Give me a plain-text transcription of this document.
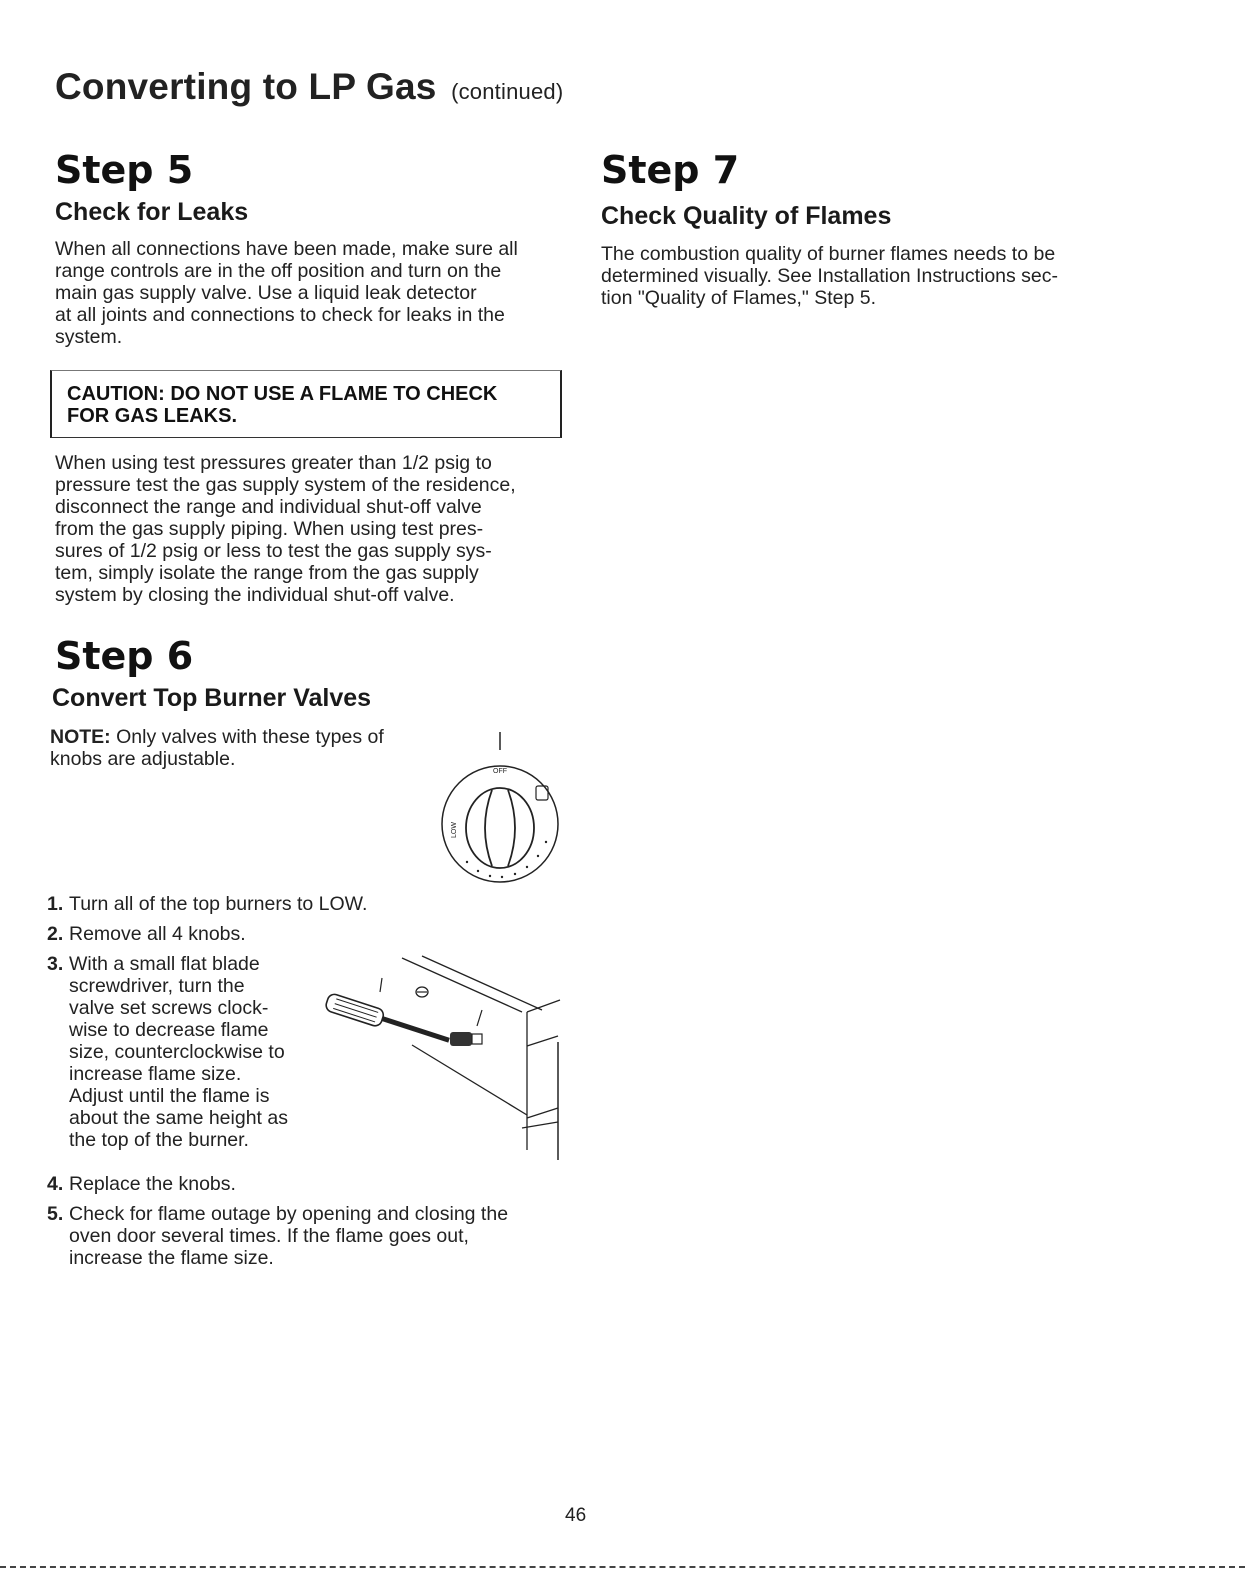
Converting to LP Gas (continued)
Step 5
Check for Leaks
When all connections have been made, make sure all
range controls are in the off position and turn on the
main gas supply valve. Use a liquid leak detector
at all joints and connections to check for leaks in the
system.
CAUTION: DO NOT USE A FLAME TO CHECK
FOR GAS LEAKS.
When using test pressures greater than 1/2 psig to
pressure test the gas supply system of the residence,
disconnect the range and individual shut-off valve
from the gas supply piping. When using test pres-
sures of 1/2 psig or less to test the gas supply sys-
tem, simply isolate the range from the gas supply
system by closing the individual shut-off valve.
Step 6
Convert Top Burner Valves
NOTE: Only valves with these types of
knobs are adjustable.
OFF
LOW
1. Turn all of the top burners to LOW.
2. Remove all 4 knobs.
3. With a small flat blade
screwdriver, turn the
valve set screws clock-
wise to decrease flame
size, counterclockwise to
increase flame size.
Adjust until the flame is
about the same height as
the top of the burner.
4. Replace the knobs.
5. Check for flame outage by opening and closing the
oven door several times. If the flame goes out,
increase the flame size.
Step 7
Check Quality of Flames
The combustion quality of burner flames needs to be
determined visually. See Installation Instructions sec-
tion "Quality of Flames," Step 5.
46
